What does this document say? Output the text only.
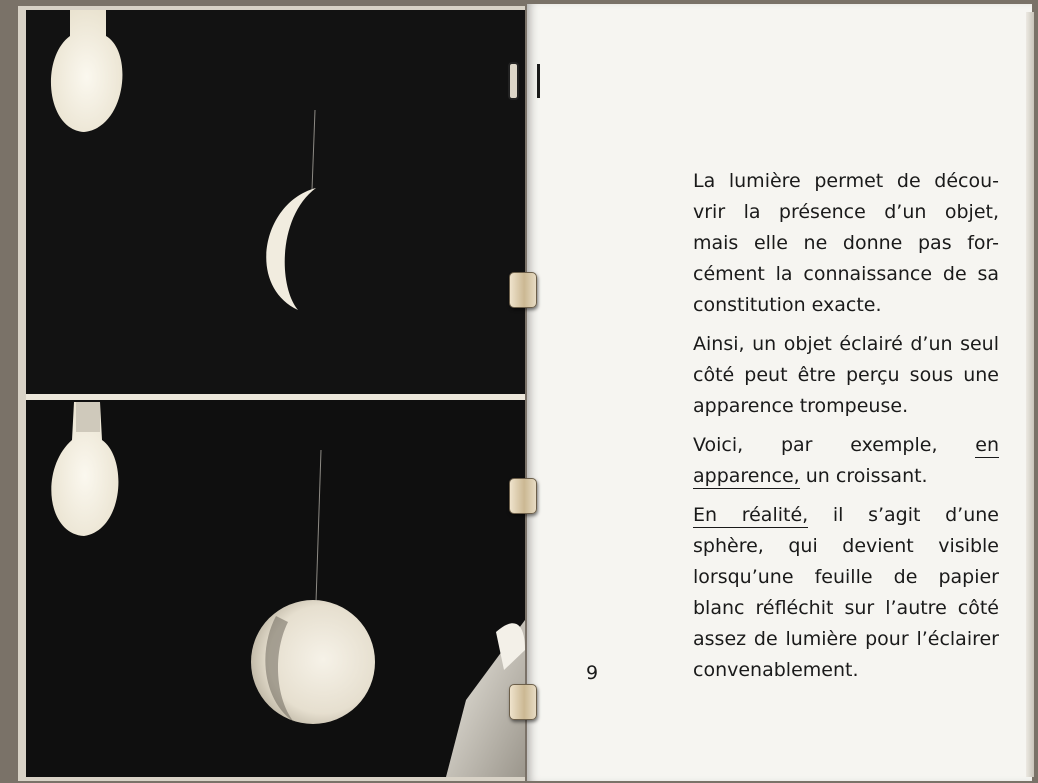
La lumière permet de décou-vrir la présence d’un objet, mais elle ne donne pas for-cément la connaissance de sa constitution exacte.

Ainsi, un objet éclairé d’un seul côté peut être perçu sous une apparence trompeuse.

Voici, par exemple, en apparence, un croissant.

En réalité, il s’agit d’une sphère, qui devient visible lorsqu’une feuille de papier blanc réfléchit sur l’autre côté assez de lumière pour l’éclairer convenablement.

9
